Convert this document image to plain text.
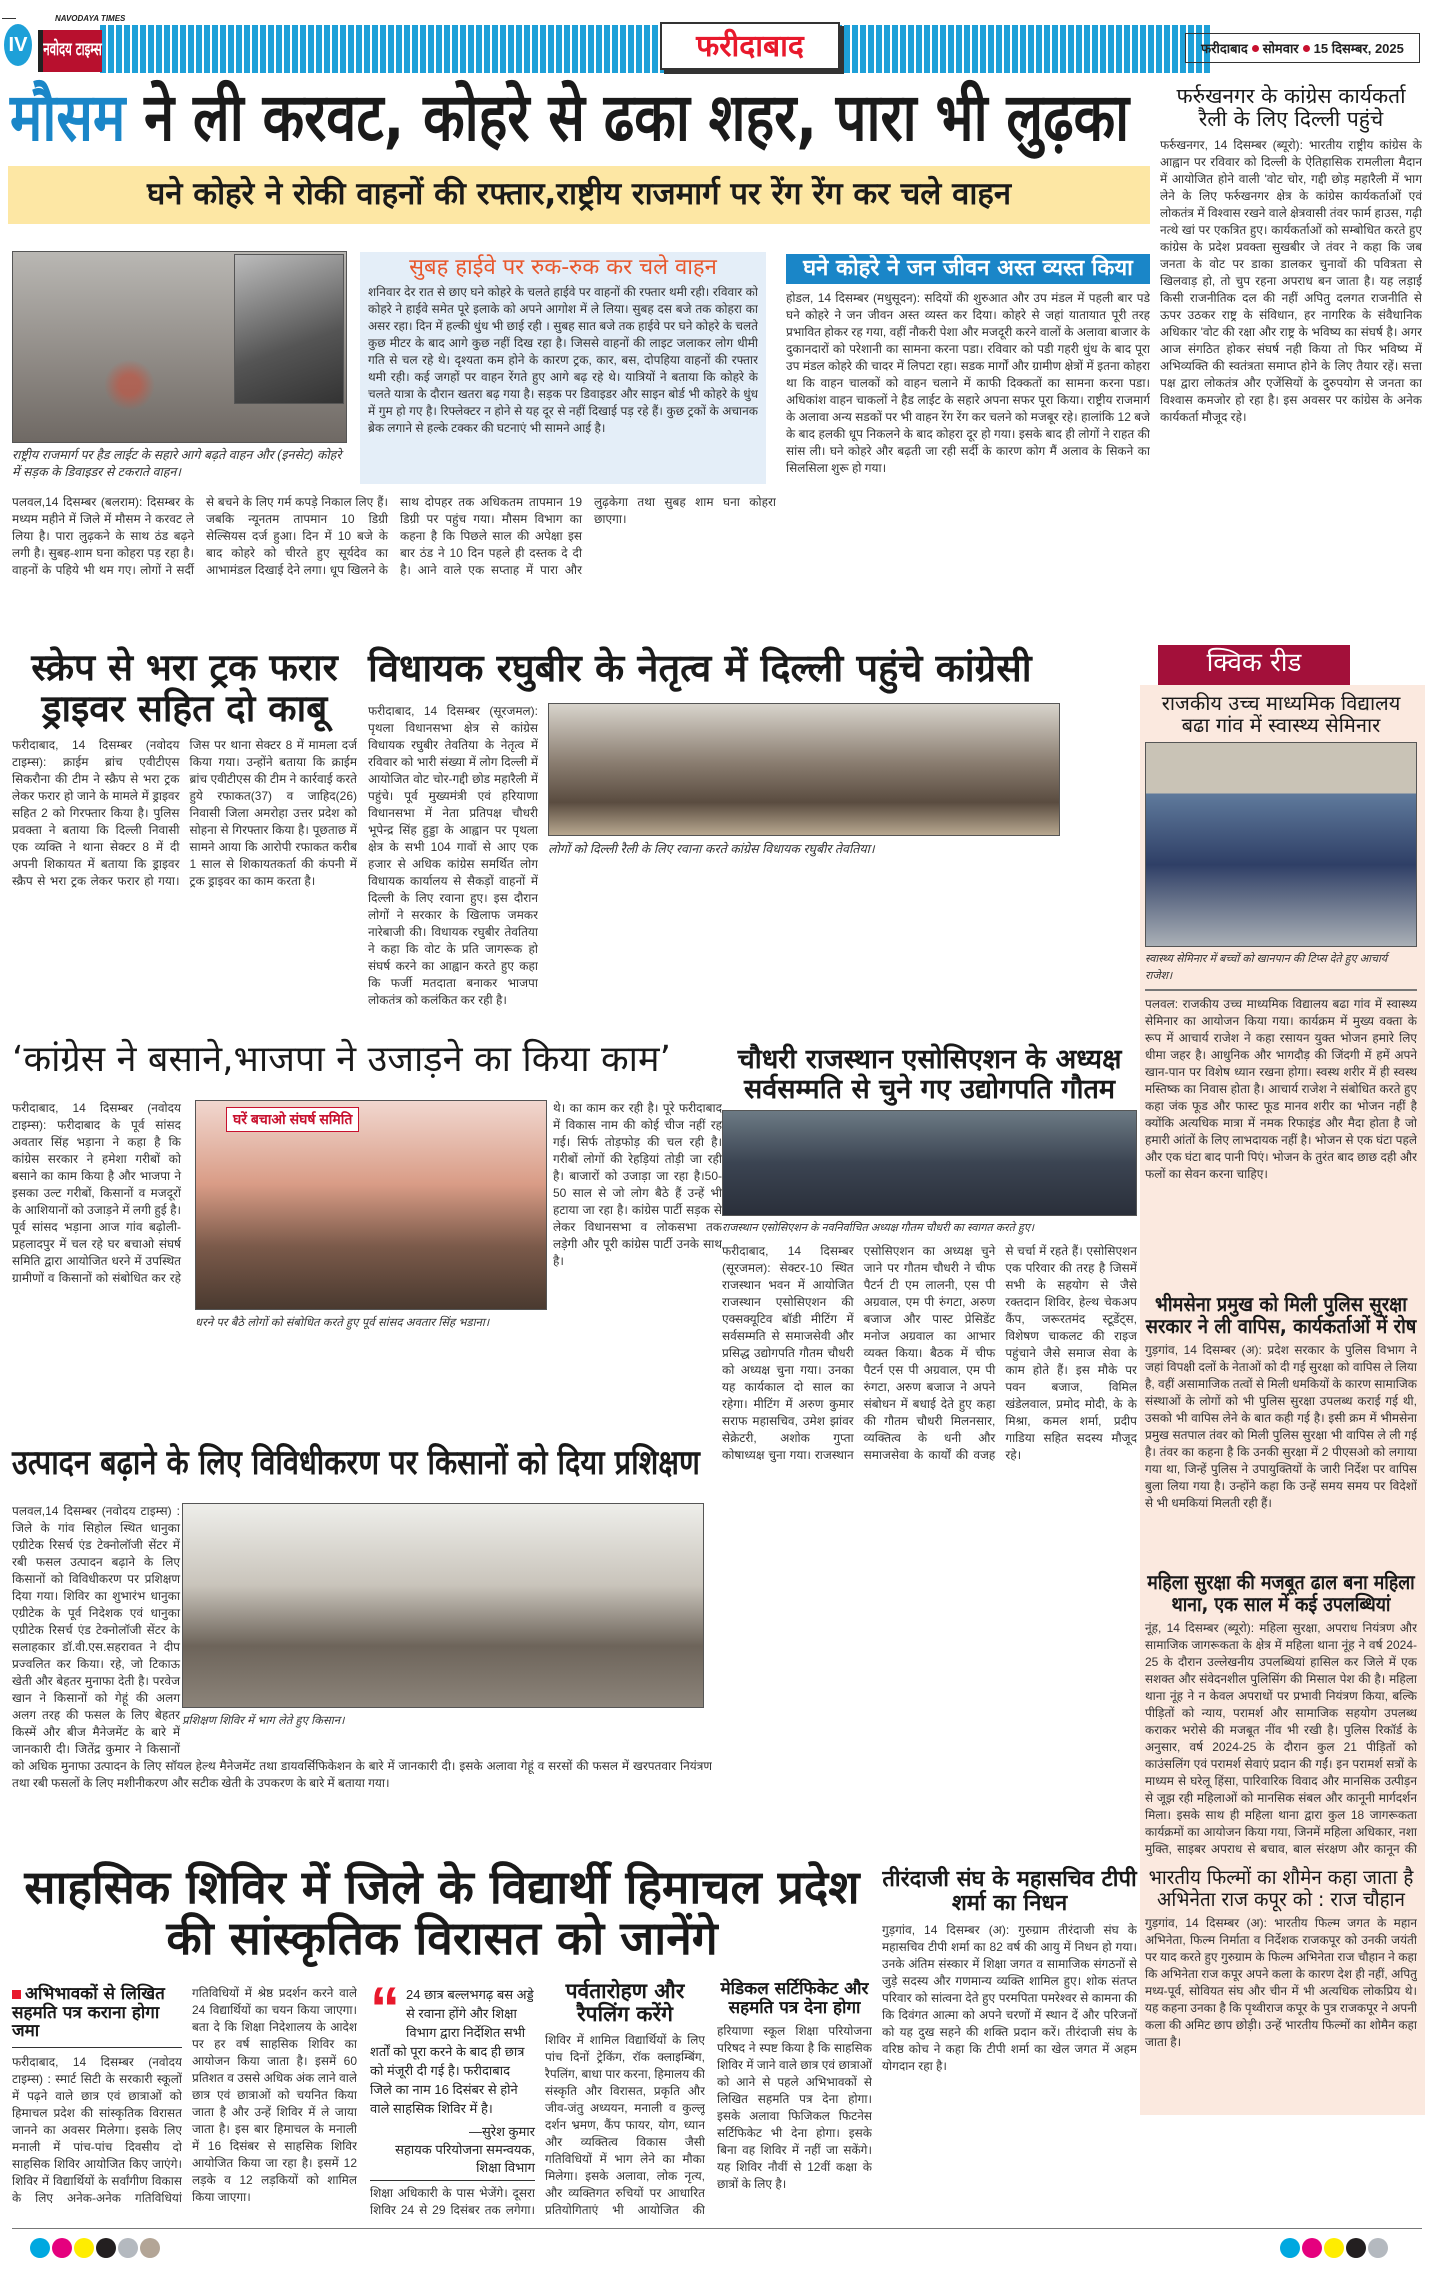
IV
NAVODAYA TIMES
नवोदय टाइम्स	फरीदाबाद	फरीदाबाद सोमवार 15 दिसम्बर, 2025
मौसम ने ली करवट, कोहरे से ढका शहर, पारा भी लुढ़का
घने कोहरे ने रोकी वाहनों की रफ्तार,राष्ट्रीय राजमार्ग पर रेंग रेंग कर चले वाहन
राष्ट्रीय राजमार्ग पर हैड लाईट के सहारे आगे बढ़ते वाहन और (इनसेट) कोहरे में सड़क के डिवाइडर से टकराते वाहन।
सुबह हाईवे पर रुक-रुक कर चले वाहन
शनिवार देर रात से छाए घने कोहरे के चलते हाईवे पर वाहनों की रफ्तार थमी रही। रविवार को कोहरे ने हाईवे समेत पूरे इलाके को अपने आगोश में ले लिया। सुबह दस बजे तक कोहरा का असर रहा। दिन में हल्की धुंध भी छाई रही । सुबह सात बजे तक हाईवे पर घने कोहरे के चलते कुछ मीटर के बाद आगे कुछ नहीं दिख रहा है। जिससे वाहनों की लाइट जलाकर लोग धीमी गति से चल रहे थे। दृश्यता कम होने के कारण ट्रक, कार, बस, दोपहिया वाहनों की रफ्तार थमी रही। कई जगहों पर वाहन रेंगते हुए आगे बढ़ रहे थे। यात्रियों ने बताया कि कोहरे के चलते यात्रा के दौरान खतरा बढ़ गया है। सड़क पर डिवाइडर और साइन बोर्ड भी कोहरे के धुंध में गुम हो गए है। रिफ्लेक्टर न होने से यह दूर से नहीं दिखाई पड़ रहे हैं। कुछ ट्रकों के अचानक ब्रेक लगाने से हल्के टक्कर की घटनाएं भी सामने आई है।
घने कोहरे ने जन जीवन अस्त व्यस्त किया
होडल, 14 दिसम्बर (मधुसूदन): सदियों की शुरुआत और उप मंडल में पहली बार पडे घने कोहरे ने जन जीवन अस्त व्यस्त कर दिया। कोहरे से जहां यातायात पूरी तरह प्रभावित होकर रह गया, वहीं नौकरी पेशा और मजदूरी करने वालों के अलावा बाजार के दुकानदारों को परेशानी का सामना करना पडा। रविवार को पडी गहरी धुंध के बाद पूरा उप मंडल कोहरे की चादर में लिपटा रहा। सडक मार्गों और ग्रामीण क्षेत्रों में इतना कोहरा था कि वाहन चालकों को वाहन चलाने में काफी दिक्कतों का सामना करना पडा। अधिकांश वाहन चाकलों ने हैड लाईट के सहारे अपना सफर पूरा किया। राष्ट्रीय राजमार्ग के अलावा अन्य सडकों पर भी वाहन रेंग रेंग कर चलने को मजबूर रहे। हालांकि 12 बजे के बाद हलकी धूप निकलने के बाद कोहरा दूर हो गया। इसके बाद ही लोगों ने राहत की सांस ली। घने कोहरे और बढ़ती जा रही सर्दी के कारण कोग मैं अलाव के सिकने का सिलसिला शुरू हो गया।
पलवल,14 दिसम्बर (बलराम): दिसम्बर के मध्यम महीने में जिले में मौसम ने करवट ले लिया है। पारा लुढ़कने के साथ ठंड बढ़ने लगी है। सुबह-शाम घना कोहरा पड़ रहा है। वाहनों के पहिये भी थम गए। लोगों ने सर्दी से बचने के लिए गर्म कपड़े निकाल लिए हैं। जबकि न्यूनतम तापमान 10 डिग्री सेल्सियस दर्ज हुआ। दिन में 10 बजे के बाद कोहरे को चीरते हुए सूर्यदेव का आभामंडल दिखाई देने लगा। धूप खिलने के साथ दोपहर तक अधिकतम तापमान 19 डिग्री पर पहुंच गया। मौसम विभाग का कहना है कि पिछले साल की अपेक्षा इस बार ठंड ने 10 दिन पहले ही दस्तक दे दी है। आने वाले एक सप्ताह में पारा और लुढ़केगा तथा सुबह शाम घना कोहरा छाएगा।
फर्रुखनगर के कांग्रेस कार्यकर्ता रैली के लिए दिल्ली पहुंचे
फर्रुखनगर, 14 दिसम्बर (ब्यूरो): भारतीय राष्ट्रीय कांग्रेस के आह्वान पर रविवार को दिल्ली के ऐतिहासिक रामलीला मैदान में आयोजित होने वाली 'वोट चोर, गद्दी छोड़ महारैली में भाग लेने के लिए फर्रुखनगर क्षेत्र के कांग्रेस कार्यकर्ताओं एवं लोकतंत्र में विश्वास रखने वाले क्षेत्रवासी तंवर फार्म हाउस, गढ़ी नत्थे खां पर एकत्रित हुए। कार्यकर्ताओं को सम्बोधित करते हुए कांग्रेस के प्रदेश प्रवक्ता सुखबीर जे तंवर ने कहा कि जब जनता के वोट पर डाका डालकर चुनावों की पवित्रता से खिलवाड़ हो, तो चुप रहना अपराध बन जाता है। यह लड़ाई किसी राजनीतिक दल की नहीं अपितु दलगत राजनीति से ऊपर उठकर राष्ट्र के संविधान, हर नागरिक के संवैधानिक अधिकार 'वोट की रक्षा और राष्ट्र के भविष्य का संघर्ष है। अगर आज संगठित होकर संघर्ष नही किया तो फिर भविष्य में अभिव्यक्ति की स्वतंत्रता समाप्त होने के लिए तैयार रहें। सत्ता पक्ष द्वारा लोकतंत्र और एजेंसियों के दुरुपयोग से जनता का विश्वास कमजोर हो रहा है। इस अवसर पर कांग्रेस के अनेक कार्यकर्ता मौजूद रहे।
स्क्रेप से भरा ट्रक फरार ड्राइवर सहित दो काबू
फरीदाबाद, 14 दिसम्बर (नवोदय टाइम्स): क्राईम ब्रांच एवीटीएस सिकरौना की टीम ने स्क्रैप से भरा ट्रक लेकर फरार हो जाने के मामले में ड्राइवर सहित 2 को गिरफ्तार किया है। पुलिस प्रवक्ता ने बताया कि दिल्ली निवासी एक व्यक्ति ने थाना सेक्टर 8 में दी अपनी शिकायत में बताया कि ड्राइवर स्क्रैप से भरा ट्रक लेकर फरार हो गया। जिस पर थाना सेक्टर 8 में मामला दर्ज किया गया। उन्होंने बताया कि क्राईम ब्रांच एवीटीएस की टीम ने कार्रवाई करते हुये रफाकत(37) व जाहिद(26) निवासी जिला अमरोहा उत्तर प्रदेश को सोहना से गिरफ्तार किया है। पूछताछ में सामने आया कि आरोपी रफाकत करीब 1 साल से शिकायतकर्ता की कंपनी में ट्रक ड्राइवर का काम करता है।
विधायक रघुबीर के नेतृत्व में दिल्ली पहुंचे कांग्रेसी
लोगों को दिल्ली रैली के लिए रवाना करते कांग्रेस विधायक रघुबीर तेवतिया।
फरीदाबाद, 14 दिसम्बर (सूरजमल): पृथला विधानसभा क्षेत्र से कांग्रेस विधायक रघुबीर तेवतिया के नेतृत्व में रविवार को भारी संख्या में लोग दिल्ली में आयोजित वोट चोर-गद्दी छोड महारैली में पहुंचे। पूर्व मुख्यमंत्री एवं हरियाणा विधानसभा में नेता प्रतिपक्ष चौधरी भूपेन्द्र सिंह हुड्डा के आह्वान पर पृथला क्षेत्र के सभी 104 गावों से आए एक हजार से अधिक कांग्रेस समर्थित लोग विधायक कार्यालय से सैकड़ों वाहनों में दिल्ली के लिए रवाना हुए। इस दौरान लोगों ने सरकार के खिलाफ जमकर नारेबाजी की। विधायक रघुबीर तेवतिया ने कहा कि वोट के प्रति जागरूक हो संघर्ष करने का आह्वान करते हुए कहा कि फर्जी मतदाता बनाकर भाजपा लोकतंत्र को कलंकित कर रही है।
क्विक रीड
राजकीय उच्च माध्यमिक विद्यालय बढा गांव में स्वास्थ्य सेमिनार
स्वास्थ्य सेमिनार में बच्चों को खानपान की टिप्स देते हुए आचार्य राजेश।
पलवल: राजकीय उच्च माध्यमिक विद्यालय बढा गांव में स्वास्थ्य सेमिनार का आयोजन किया गया। कार्यक्रम में मुख्य वक्ता के रूप में आचार्य राजेश ने कहा रसायन युक्त भोजन हमारे लिए धीमा जहर है। आधुनिक और भागदौड़ की जिंदगी में हमें अपने खान-पान पर विशेष ध्यान रखना होगा। स्वस्थ शरीर में ही स्वस्थ मस्तिष्क का निवास होता है। आचार्य राजेश ने संबोधित करते हुए कहा जंक फूड और फास्ट फूड मानव शरीर का भोजन नहीं है क्योंकि अत्यधिक मात्रा में नमक रिफाइंड और मैदा होता है जो हमारी आंतों के लिए लाभदायक नहीं है। भोजन से एक घंटा पहले और एक घंटा बाद पानी पिएं। भोजन के तुरंत बाद छाछ दही और फलों का सेवन करना चाहिए।
भीमसेना प्रमुख को मिली पुलिस सुरक्षा सरकार ने ली वापिस, कार्यकर्ताओं में रोष
गुड़गांव, 14 दिसम्बर (अ): प्रदेश सरकार के पुलिस विभाग ने जहां विपक्षी दलों के नेताओं को दी गई सुरक्षा को वापिस ले लिया है, वहीं असामाजिक तत्वों से मिली धमकियों के कारण सामाजिक संस्थाओं के लोगों को भी पुलिस सुरक्षा उपलब्ध कराई गई थी, उसको भी वापिस लेने के बात कही गई है। इसी क्रम में भीमसेना प्रमुख सतपाल तंवर को मिली पुलिस सुरक्षा भी वापिस ले ली गई है। तंवर का कहना है कि उनकी सुरक्षा में 2 पीएसओ को लगाया गया था, जिन्हें पुलिस ने उपायुक्तियों के जारी निर्देश पर वापिस बुला लिया गया है। उन्होंने कहा कि उन्हें समय समय पर विदेशों से भी धमकियां मिलती रही हैं।
महिला सुरक्षा की मजबूत ढाल बना महिला थाना, एक साल में कई उपलब्धियां
नूंह, 14 दिसम्बर (ब्यूरो): महिला सुरक्षा, अपराध नियंत्रण और सामाजिक जागरूकता के क्षेत्र में महिला थाना नूंह ने वर्ष 2024-25 के दौरान उल्लेखनीय उपलब्धियां हासिल कर जिले में एक सशक्त और संवेदनशील पुलिसिंग की मिसाल पेश की है। महिला थाना नूंह ने न केवल अपराधों पर प्रभावी नियंत्रण किया, बल्कि पीड़ितों को न्याय, परामर्श और सामाजिक सहयोग उपलब्ध कराकर भरोसे की मजबूत नींव भी रखी है। पुलिस रिकॉर्ड के अनुसार, वर्ष 2024-25 के दौरान कुल 21 पीड़ितों को काउंसलिंग एवं परामर्श सेवाएं प्रदान की गईं। इन परामर्श सत्रों के माध्यम से घरेलू हिंसा, पारिवारिक विवाद और मानसिक उत्पीड़न से जूझ रही महिलाओं को मानसिक संबल और कानूनी मार्गदर्शन मिला। इसके साथ ही महिला थाना द्वारा कुल 18 जागरूकता कार्यक्रमों का आयोजन किया गया, जिनमें महिला अधिकार, नशा मुक्ति, साइबर अपराध से बचाव, बाल संरक्षण और कानून की
भारतीय फिल्मों का शौमेन कहा जाता है अभिनेता राज कपूर को : राज चौहान
गुड़गांव, 14 दिसम्बर (अ): भारतीय फिल्म जगत के महान अभिनेता, फिल्म निर्माता व निर्देशक राजकपूर को उनकी जयंती पर याद करते हुए गुरुग्राम के फिल्म अभिनेता राज चौहान ने कहा कि अभिनेता राज कपूर अपने कला के कारण देश ही नहीं, अपितु मध्य-पूर्व, सोवियत संघ और चीन में भी अत्यधिक लोकप्रिय थे। यह कहना उनका है कि पृथ्वीराज कपूर के पुत्र राजकपूर ने अपनी कला की अमिट छाप छोड़ी। उन्हें भारतीय फिल्मों का शोमैन कहा जाता है।
‘कांग्रेस ने बसाने,भाजपा ने उजाड़ने का किया काम’
घरें बचाओ संघर्ष समिति
धरने पर बैठे लोगों को संबोधित करते हुए पूर्व सांसद अवतार सिंह भडाना।
फरीदाबाद, 14 दिसम्बर (नवोदय टाइम्स): फरीदाबाद के पूर्व सांसद अवतार सिंह भड़ाना ने कहा है कि कांग्रेस सरकार ने हमेशा गरीबों को बसाने का काम किया है और भाजपा ने इसका उल्ट गरीबों, किसानों व मजदूरों के आशियानों को उजाड़ने में लगी हुई है। पूर्व सांसद भड़ाना आज गांव बढ़ोली-प्रहलादपुर में चल रहे घर बचाओ संघर्ष समिति द्वारा आयोजित धरने में उपस्थित ग्रामीणों व किसानों को संबोधित कर रहे थे। का काम कर रही है। पूरे फरीदाबाद में विकास नाम की कोई चीज नहीं रह गई। सिर्फ तोड़फोड़ की चल रही है। गरीबों लोगों की रेहड़ियां तोड़ी जा रही है। बाजारों को उजाड़ा जा रहा है।50-50 साल से जो लोग बैठे हैं उन्हें भी हटाया जा रहा है। कांग्रेस पार्टी सड़क से लेकर विधानसभा व लोकसभा तक लड़ेगी और पूरी कांग्रेस पार्टी उनके साथ है।
चौधरी राजस्थान एसोसिएशन के अध्यक्ष सर्वसम्मति से चुने गए उद्योगपति गौतम
राजस्थान एसोसिएशन के नवनिर्वाचित अध्यक्ष गौतम चौधरी का स्वागत करते हुए।
फरीदाबाद, 14 दिसम्बर (सूरजमल): सेक्टर-10 स्थित राजस्थान भवन में आयोजित राजस्थान एसोसिएशन की एक्सक्यूटिव बॉडी मीटिंग में सर्वसम्मति से समाजसेवी और प्रसिद्ध उद्योगपति गौतम चौधरी को अध्यक्ष चुना गया। उनका यह कार्यकाल दो साल का रहेगा। मीटिंग में अरुण कुमार सराफ महासचिव, उमेश झांवर सेक्रेटरी, अशोक गुप्ता कोषाध्यक्ष चुना गया। राजस्थान एसोसिएशन का अध्यक्ष चुने जाने पर गौतम चौधरी ने चीफ पैटर्न टी एम लालनी, एस पी अग्रवाल, एम पी रुंगटा, अरुण बजाज और पास्ट प्रेसिडेंट मनोज अग्रवाल का आभार व्यक्त किया। बैठक में चीफ पैटर्न एस पी अग्रवाल, एम पी रुंगटा, अरुण बजाज ने अपने संबोधन में बधाई देते हुए कहा की गौतम चौधरी मिलनसार, व्यक्तित्व के धनी और समाजसेवा के कार्यों की वजह से चर्चा में रहते हैं। एसोसिएशन एक परिवार की तरह है जिसमें सभी के सहयोग से जैसे रक्तदान शिविर, हेल्थ चेकअप कैंप, जरूरतमंद स्टूडेंट्स, विशेषण चाकलट की राइज पहुंचाने जैसे समाज सेवा के काम होते हैं। इस मौके पर पवन बजाज, विमिल खंडेलवाल, प्रमोद मोदी, के के मिश्रा, कमल शर्मा, प्रदीप गाडिया सहित सदस्य मौजूद रहे।
उत्पादन बढ़ाने के लिए विविधीकरण पर किसानों को दिया प्रशिक्षण
पलवल,14 दिसम्बर (नवोदय टाइम्स) : जिले के गांव सिहोल स्थित धानुका एग्रीटेक रिसर्च एंड टेक्नोलॉजी सेंटर में रबी फसल उत्पादन बढ़ाने के लिए किसानों को विविधीकरण पर प्रशिक्षण दिया गया। शिविर का शुभारंभ धानुका एग्रीटेक के पूर्व निदेशक एवं धानुका एग्रीटेक रिसर्च एंड टेक्नोलॉजी सेंटर के सलाहकार डॉ.वी.एस.सहरावत ने दीप प्रज्वलित कर किया। रहे, जो टिकाऊ खेती और बेहतर मुनाफा देती है। परवेज खान ने किसानों को गेहूं की अलग अलग तरह की फसल के लिए बेहतर किस्में और बीज मैनेजमेंट के बारे में जानकारी दी। जितेंद्र कुमार ने किसानों को अधिक मुनाफा उत्पादन के लिए सॉयल हेल्थ मैनेजमेंट तथा डायवर्सिफिकेशन के बारे में जानकारी दी। इसके अलावा गेहूं व सरसों की फसल में खरपतवार नियंत्रण तथा रबी फसलों के लिए मशीनीकरण और सटीक खेती के उपकरण के बारे में बताया गया।
प्रशिक्षण शिविर में भाग लेते हुए किसान।
साहसिक शिविर में जिले के विद्यार्थी हिमाचल प्रदेश की सांस्कृतिक विरासत को जानेंगे
अभिभावकों से लिखित सहमति पत्र कराना होगा जमा
फरीदाबाद, 14 दिसम्बर (नवोदय टाइम्स) : स्मार्ट सिटी के सरकारी स्कूलों में पढ़ने वाले छात्र एवं छात्राओं को हिमाचल प्रदेश की सांस्कृतिक विरासत जानने का अवसर मिलेगा। इसके लिए मनाली में पांच-पांच दिवसीय दो साहसिक शिविर आयोजित किए जाएंगे। शिविर में विद्यार्थियों के सर्वांगीण विकास के लिए अनेक-अनेक गतिविधियां
गतिविधियों में श्रेष्ठ प्रदर्शन करने वाले 24 विद्यार्थियों का चयन किया जाएगा।बता दे कि शिक्षा निदेशालय के आदेश पर हर वर्ष साहसिक शिविर का आयोजन किया जाता है। इसमें 60 प्रतिशत व उससे अधिक अंक लाने वाले छात्र एवं छात्राओं को चयनित किया जाता है और उन्हें शिविर में ले जाया जाता है। इस बार हिमाचल के मनाली में 16 दिसंबर से साहसिक शिविर आयोजित किया जा रहा है। इसमें 12 लड़के व 12 लड़कियों को शामिल किया जाएगा।
“ 24 छात्र बल्लभगढ़ बस अड्डे से रवाना होंगे और शिक्षा विभाग द्वारा निर्देशित सभी शर्तों को पूरा करने के बाद ही छात्र को मंजूरी दी गई है। फरीदाबाद जिले का नाम 16 दिसंबर से होने वाले साहसिक शिविर में है।
—सुरेश कुमार
सहायक परियोजना समन्वयक, शिक्षा विभाग
शिक्षा अधिकारी के पास भेजेंगे। दूसरा शिविर 24 से 29 दिसंबर तक लगेगा।
पर्वतारोहण और रैपलिंग करेंगे
शिविर में शामिल विद्यार्थियों के लिए पांच दिनों ट्रेकिंग, रॉक क्लाइम्बिंग, रैपलिंग, बाधा पार करना, हिमालय की संस्कृति और विरासत, प्रकृति और जीव-जंतु अध्ययन, मनाली व कुल्लू दर्शन भ्रमण, कैंप फायर, योग, ध्यान और व्यक्तित्व विकास जैसी गतिविधियों में भाग लेने का मौका मिलेगा। इसके अलावा, लोक नृत्य, और व्यक्तिगत रुचियों पर आधारित प्रतियोगिताएं भी आयोजित की
मेडिकल सर्टिफिकेट और सहमति पत्र देना होगा
हरियाणा स्कूल शिक्षा परियोजना परिषद ने स्पष्ट किया है कि साहसिक शिविर में जाने वाले छात्र एवं छात्राओं को आने से पहले अभिभावकों से लिखित सहमति पत्र देना होगा। इसके अलावा फिजिकल फिटनेस सर्टिफिकेट भी देना होगा। इसके बिना वह शिविर में नहीं जा सकेंगे। यह शिविर नौवीं से 12वीं कक्षा के छात्रों के लिए है।
तीरंदाजी संघ के महासचिव टीपी शर्मा का निधन
गुड़गांव, 14 दिसम्बर (अ): गुरुग्राम तीरंदाजी संघ के महासचिव टीपी शर्मा का 82 वर्ष की आयु में निधन हो गया। उनके अंतिम संस्कार में शिक्षा जगत व सामाजिक संगठनों से जुड़े सदस्य और गणमान्य व्यक्ति शामिल हुए। शोक संतप्त परिवार को सांत्वना देते हुए परमपिता पमरेश्वर से कामना की कि दिवंगत आत्मा को अपने चरणों में स्थान दें और परिजनों को यह दुख सहने की शक्ति प्रदान करें। तीरंदाजी संघ के वरिष्ठ कोच ने कहा कि टीपी शर्मा का खेल जगत में अहम योगदान रहा है।
